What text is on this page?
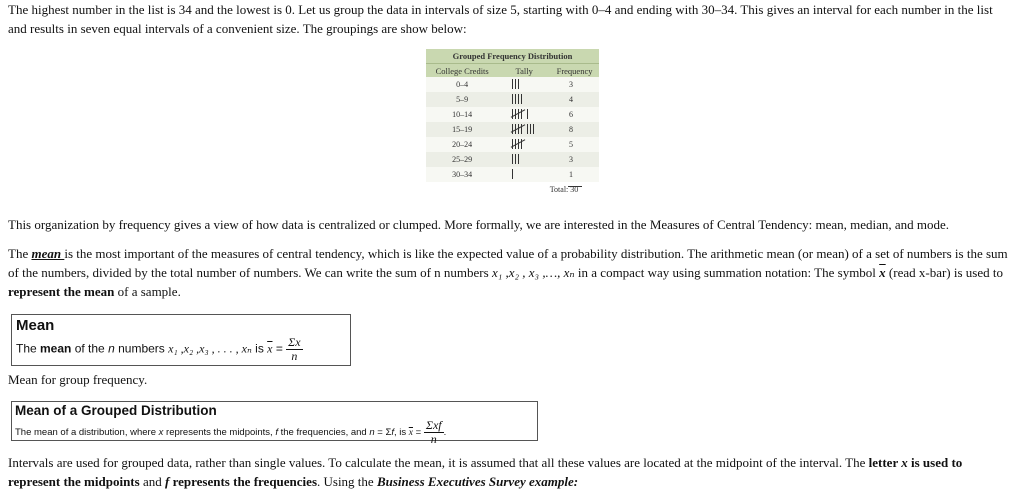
The highest number in the list is 34 and the lowest is 0. Let us group the data in intervals of size 5, starting with 0–4 and ending with 30–34. This gives an interval for each number in the list and results in seven equal intervals of a convenient size. The groupings are show below:

Grouped Frequency Distribution		
College Credits	Tally	Frequency
0–4		3
5–9		4
10–14		6
15–19		8
20–24		5
25–29		3
30–34		1
Total: 30

This organization by frequency gives a view of how data is centralized or clumped. More formally, we are interested in the Measures of Central Tendency: mean, median, and mode.

The mean is the most important of the measures of central tendency, which is like the expected value of a probability distribution. The arithmetic mean (or mean) of a set of numbers is the sum of the numbers, divided by the total number of numbers. We can write the sum of n numbers x₁ ,x₂ , x₃ ,…, xₙ in a compact way using summation notation: The symbol $\overline{x}$ (read x-bar) is used to represent the mean of a sample.

Mean
The mean of the n numbers x₁ ,x₂ ,x₃ , . . . , xₙ is $\overline{x} = \frac{\Sigma x}{n}$

Mean for group frequency.

Mean of a Grouped Distribution
The mean of a distribution, where x represents the midpoints, f the frequencies, and n = Σf, is $\overline{x} = \frac{\text{Σxf}}{n}$ .

Intervals are used for grouped data, rather than single values. To calculate the mean, it is assumed that all these values are located at the midpoint of the interval. The letter x is used to represent the midpoints and f represents the frequencies. Using the Business Executives Survey example:
